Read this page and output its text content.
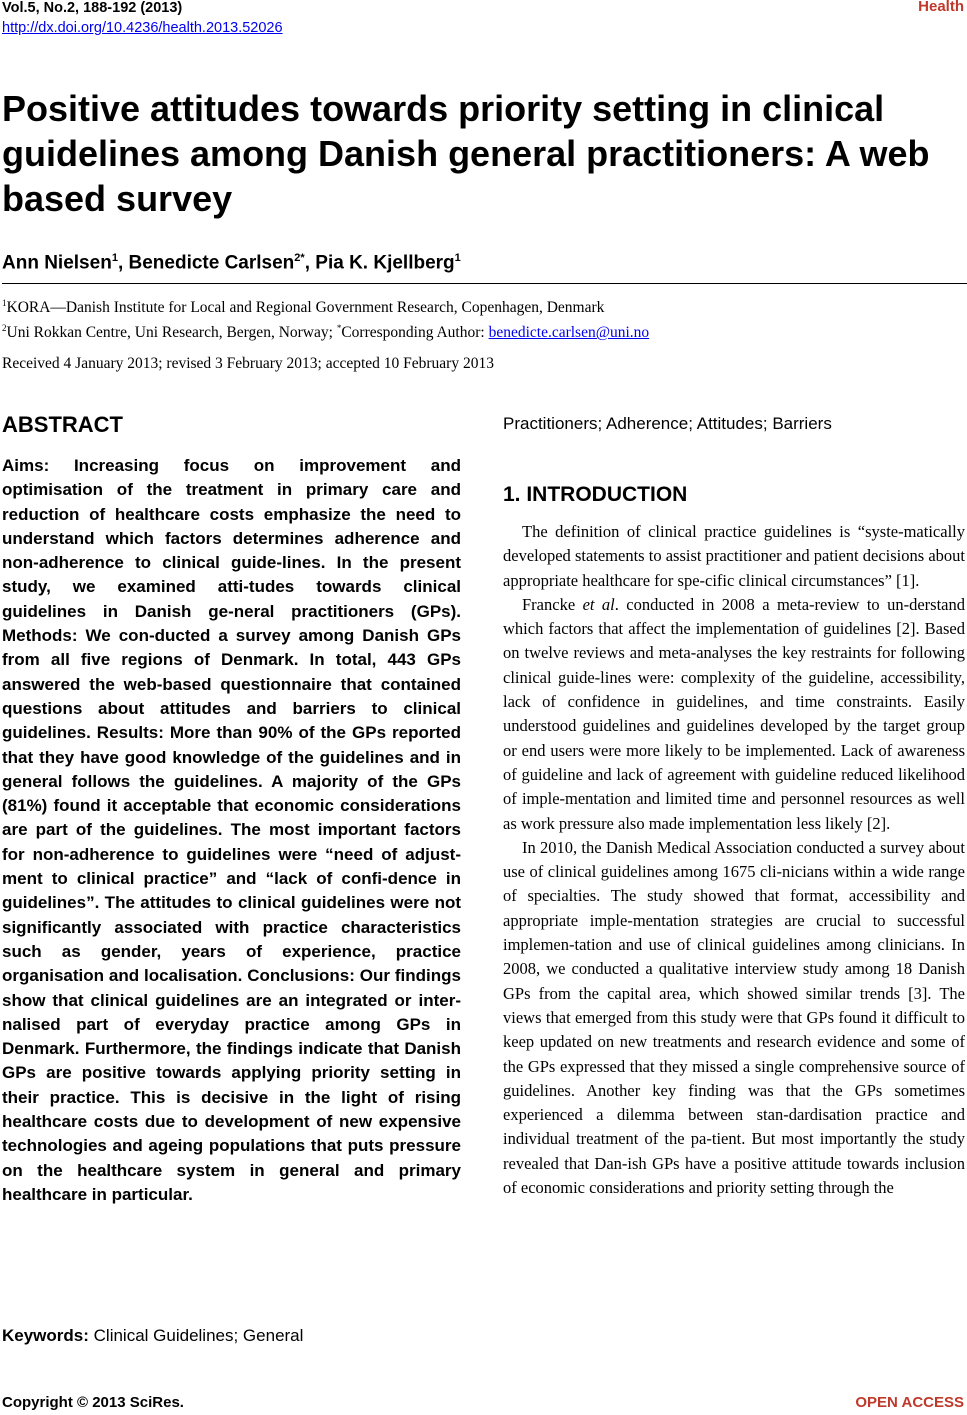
Vol.5, No.2, 188-192 (2013)
http://dx.doi.org/10.4236/health.2013.52026
Health
Positive attitudes towards priority setting in clinical guidelines among Danish general practitioners: A web based survey
Ann Nielsen$^1$, Benedicte Carlsen$^{2*}$, Pia K. Kjellberg$^1$
$^1$KORA—Danish Institute for Local and Regional Government Research, Copenhagen, Denmark
$^2$Uni Rokkan Centre, Uni Research, Bergen, Norway; *Corresponding Author: benedicte.carlsen@uni.no
Received 4 January 2013; revised 3 February 2013; accepted 10 February 2013
ABSTRACT

Aims: Increasing focus on improvement and optimisation of the treatment in primary care and reduction of healthcare costs emphasize the need to understand which factors determines adherence and non-adherence to clinical guide-lines. In the present study, we examined atti-tudes towards clinical guidelines in Danish ge-neral practitioners (GPs). Methods: We con-ducted a survey among Danish GPs from all five regions of Denmark. In total, 443 GPs answered the web-based questionnaire that contained questions about attitudes and barriers to clinical guidelines. Results: More than 90% of the GPs reported that they have good knowledge of the guidelines and in general follows the guidelines. A majority of the GPs (81%) found it acceptable that economic considerations are part of the guidelines. The most important factors for non-adherence to guidelines were “need of adjust-ment to clinical practice” and “lack of confi-dence in guidelines”. The attitudes to clinical guidelines were not significantly associated with practice characteristics such as gender, years of experience, practice organisation and localisation. Conclusions: Our findings show that clinical guidelines are an integrated or inter-nalised part of everyday practice among GPs in Denmark. Furthermore, the findings indicate that Danish GPs are positive towards applying priority setting in their practice. This is decisive in the light of rising healthcare costs due to development of new expensive technologies and ageing populations that puts pressure on the healthcare system in general and primary healthcare in particular.

Keywords: Clinical Guidelines; General

Practitioners; Adherence; Attitudes; Barriers

1. INTRODUCTION

The definition of clinical practice guidelines is “syste-matically developed statements to assist practitioner and patient decisions about appropriate healthcare for spe-cific clinical circumstances” [1].

Francke et al. conducted in 2008 a meta-review to un-derstand which factors that affect the implementation of guidelines [2]. Based on twelve reviews and meta-analyses the key restraints for following clinical guide-lines were: complexity of the guideline, accessibility, lack of confidence in guidelines, and time constraints. Easily understood guidelines and guidelines developed by the target group or end users were more likely to be implemented. Lack of awareness of guideline and lack of agreement with guideline reduced likelihood of imple-mentation and limited time and personnel resources as well as work pressure also made implementation less likely [2].

In 2010, the Danish Medical Association conducted a survey about use of clinical guidelines among 1675 cli-nicians within a wide range of specialties. The study showed that format, accessibility and appropriate imple-mentation strategies are crucial to successful implemen-tation and use of clinical guidelines among clinicians. In 2008, we conducted a qualitative interview study among 18 Danish GPs from the capital area, which showed similar trends [3]. The views that emerged from this study were that GPs found it difficult to keep updated on new treatments and research evidence and some of the GPs expressed that they missed a single comprehensive source of guidelines. Another key finding was that the GPs sometimes experienced a dilemma between stan-dardisation practice and individual treatment of the pa-tient. But most importantly the study revealed that Dan-ish GPs have a positive attitude towards inclusion of economic considerations and priority setting through the

Copyright © 2013 SciRes.	OPEN ACCESS
